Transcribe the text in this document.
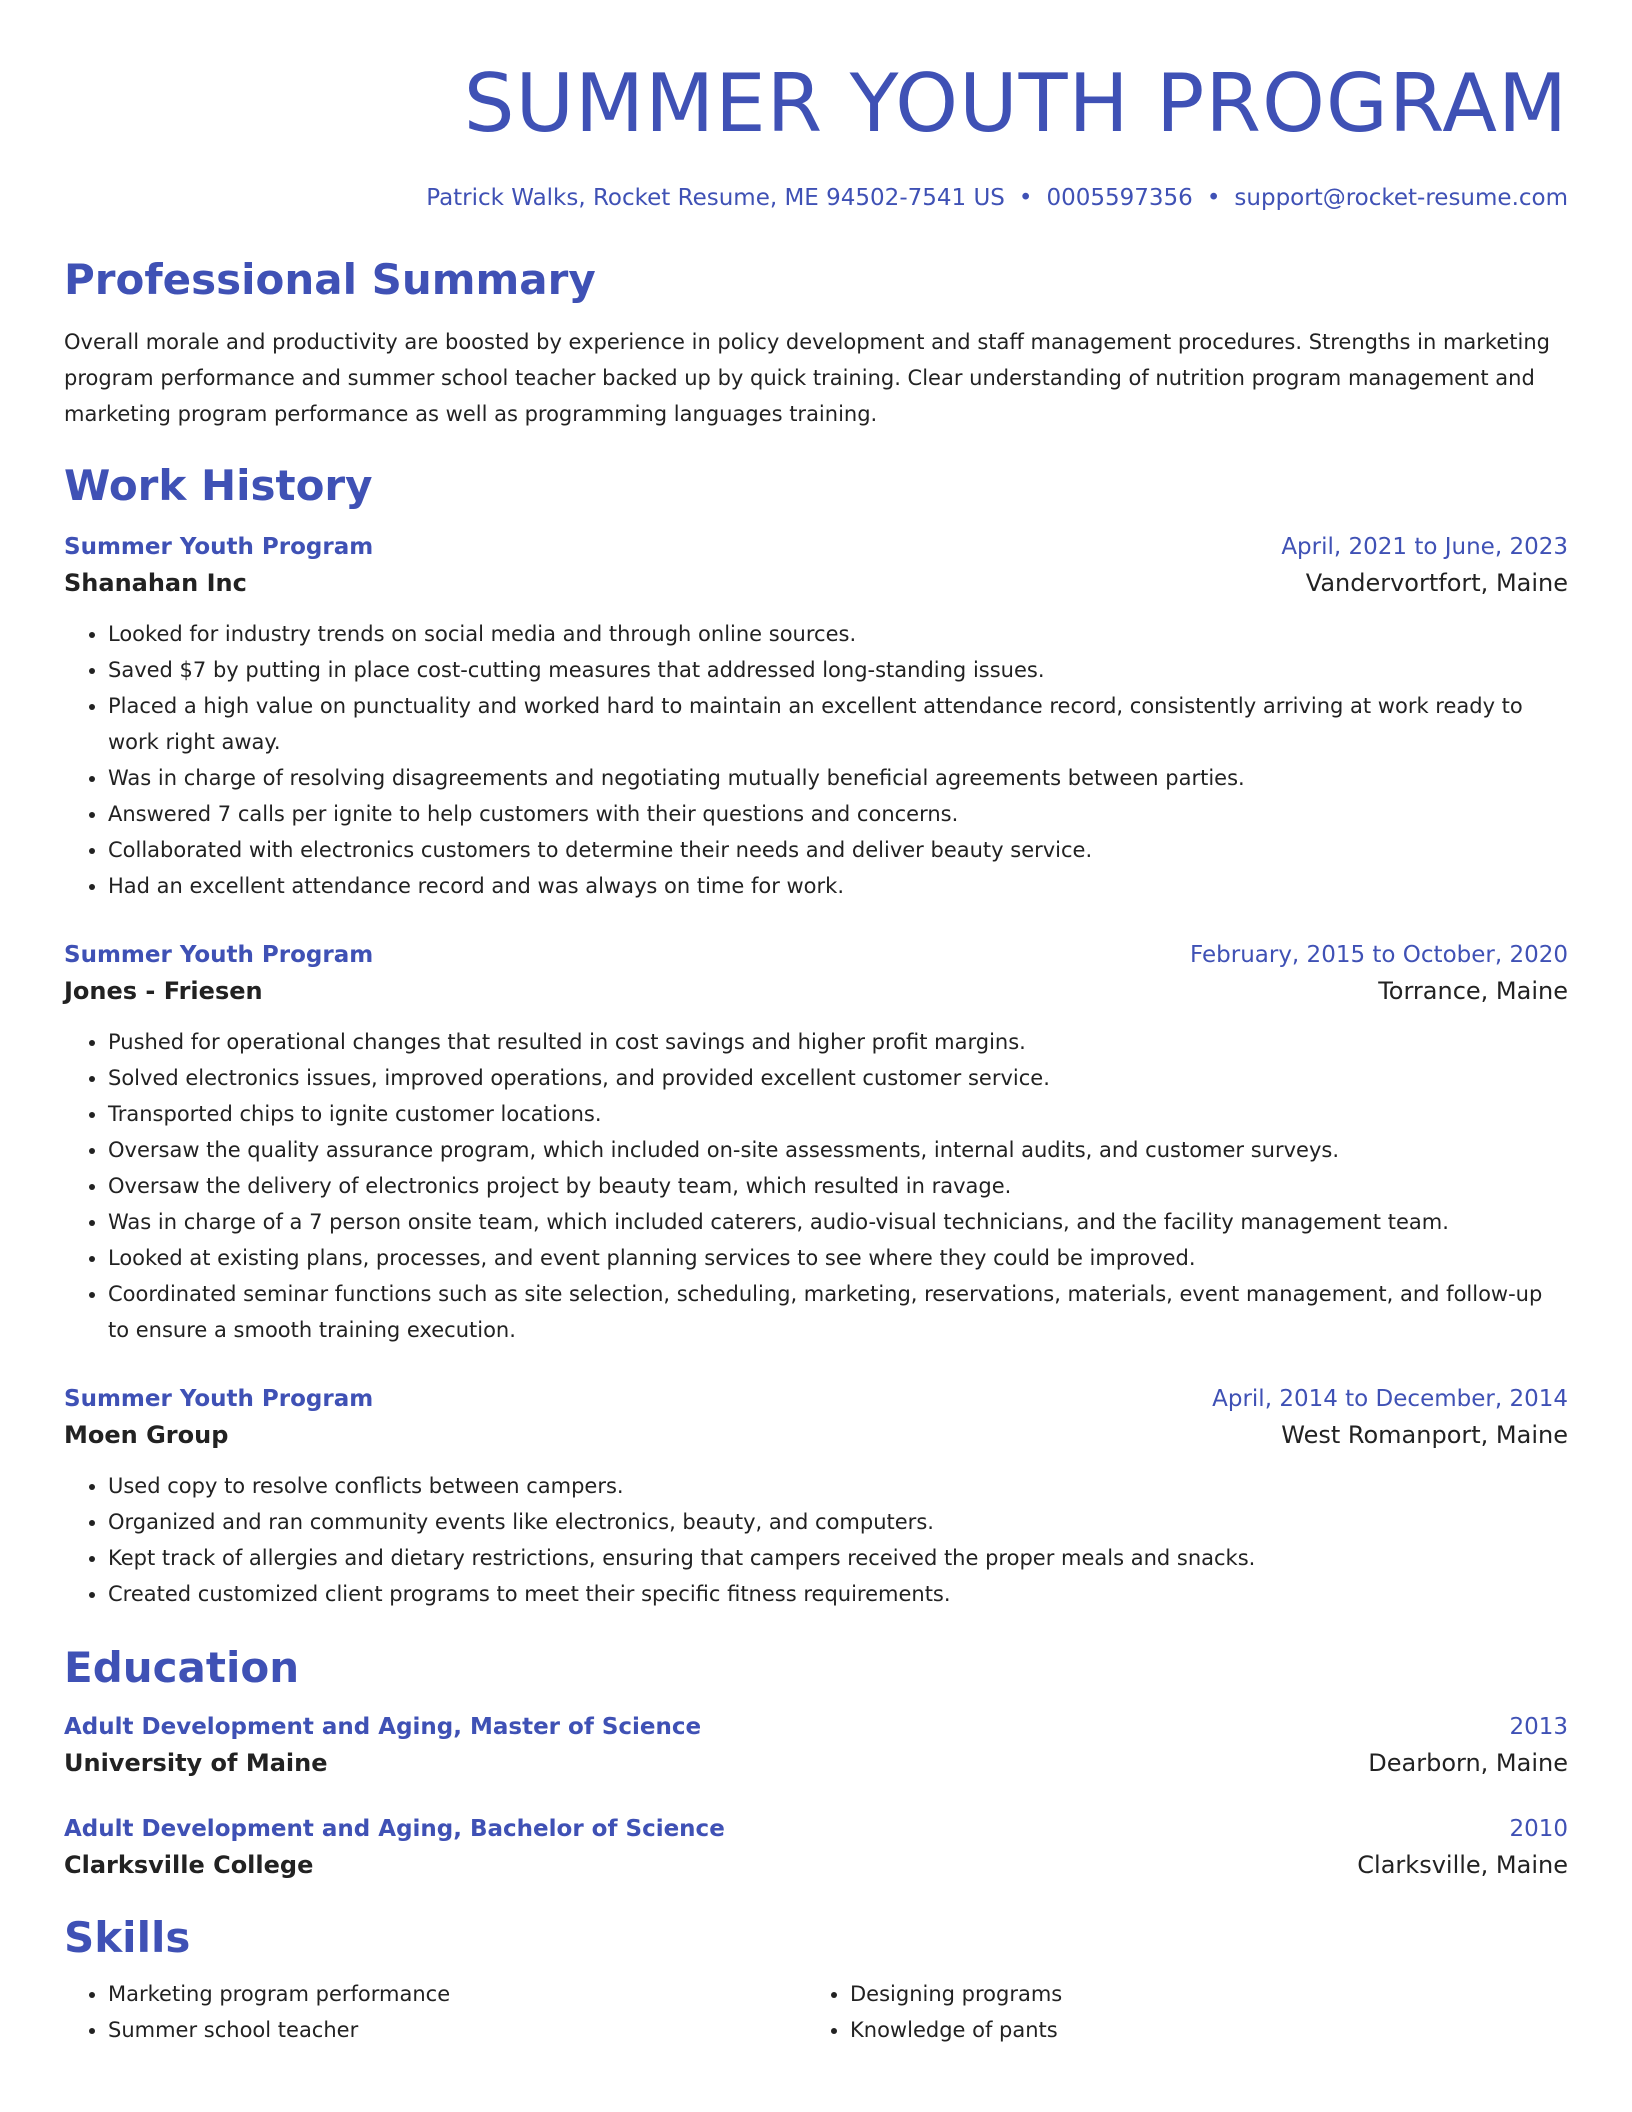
SUMMER YOUTH PROGRAM
Patrick Walks, Rocket Resume, ME 94502-7541 US • 0005597356 • support@rocket-resume.com
Professional Summary
Overall morale and productivity are boosted by experience in policy development and staff management procedures. Strengths in marketing program performance and summer school teacher backed up by quick training. Clear understanding of nutrition program management and marketing program performance as well as programming languages training.
Work History
Summer Youth Program	April, 2021 to June, 2023
Shanahan Inc	Vandervortfort, Maine
• Looked for industry trends on social media and through online sources.
• Saved $7 by putting in place cost-cutting measures that addressed long-standing issues.
• Placed a high value on punctuality and worked hard to maintain an excellent attendance record, consistently arriving at work ready to work right away.
• Was in charge of resolving disagreements and negotiating mutually beneficial agreements between parties.
• Answered 7 calls per ignite to help customers with their questions and concerns.
• Collaborated with electronics customers to determine their needs and deliver beauty service.
• Had an excellent attendance record and was always on time for work.
Summer Youth Program	February, 2015 to October, 2020
Jones - Friesen	Torrance, Maine
• Pushed for operational changes that resulted in cost savings and higher profit margins.
• Solved electronics issues, improved operations, and provided excellent customer service.
• Transported chips to ignite customer locations.
• Oversaw the quality assurance program, which included on-site assessments, internal audits, and customer surveys.
• Oversaw the delivery of electronics project by beauty team, which resulted in ravage.
• Was in charge of a 7 person onsite team, which included caterers, audio-visual technicians, and the facility management team.
• Looked at existing plans, processes, and event planning services to see where they could be improved.
• Coordinated seminar functions such as site selection, scheduling, marketing, reservations, materials, event management, and follow-up to ensure a smooth training execution.
Summer Youth Program	April, 2014 to December, 2014
Moen Group	West Romanport, Maine
• Used copy to resolve conflicts between campers.
• Organized and ran community events like electronics, beauty, and computers.
• Kept track of allergies and dietary restrictions, ensuring that campers received the proper meals and snacks.
• Created customized client programs to meet their specific fitness requirements.
Education
Adult Development and Aging, Master of Science	2013
University of Maine	Dearborn, Maine
Adult Development and Aging, Bachelor of Science	2010
Clarksville College	Clarksville, Maine
Skills
• Marketing program performance
• Summer school teacher
• Designing programs
• Knowledge of pants
